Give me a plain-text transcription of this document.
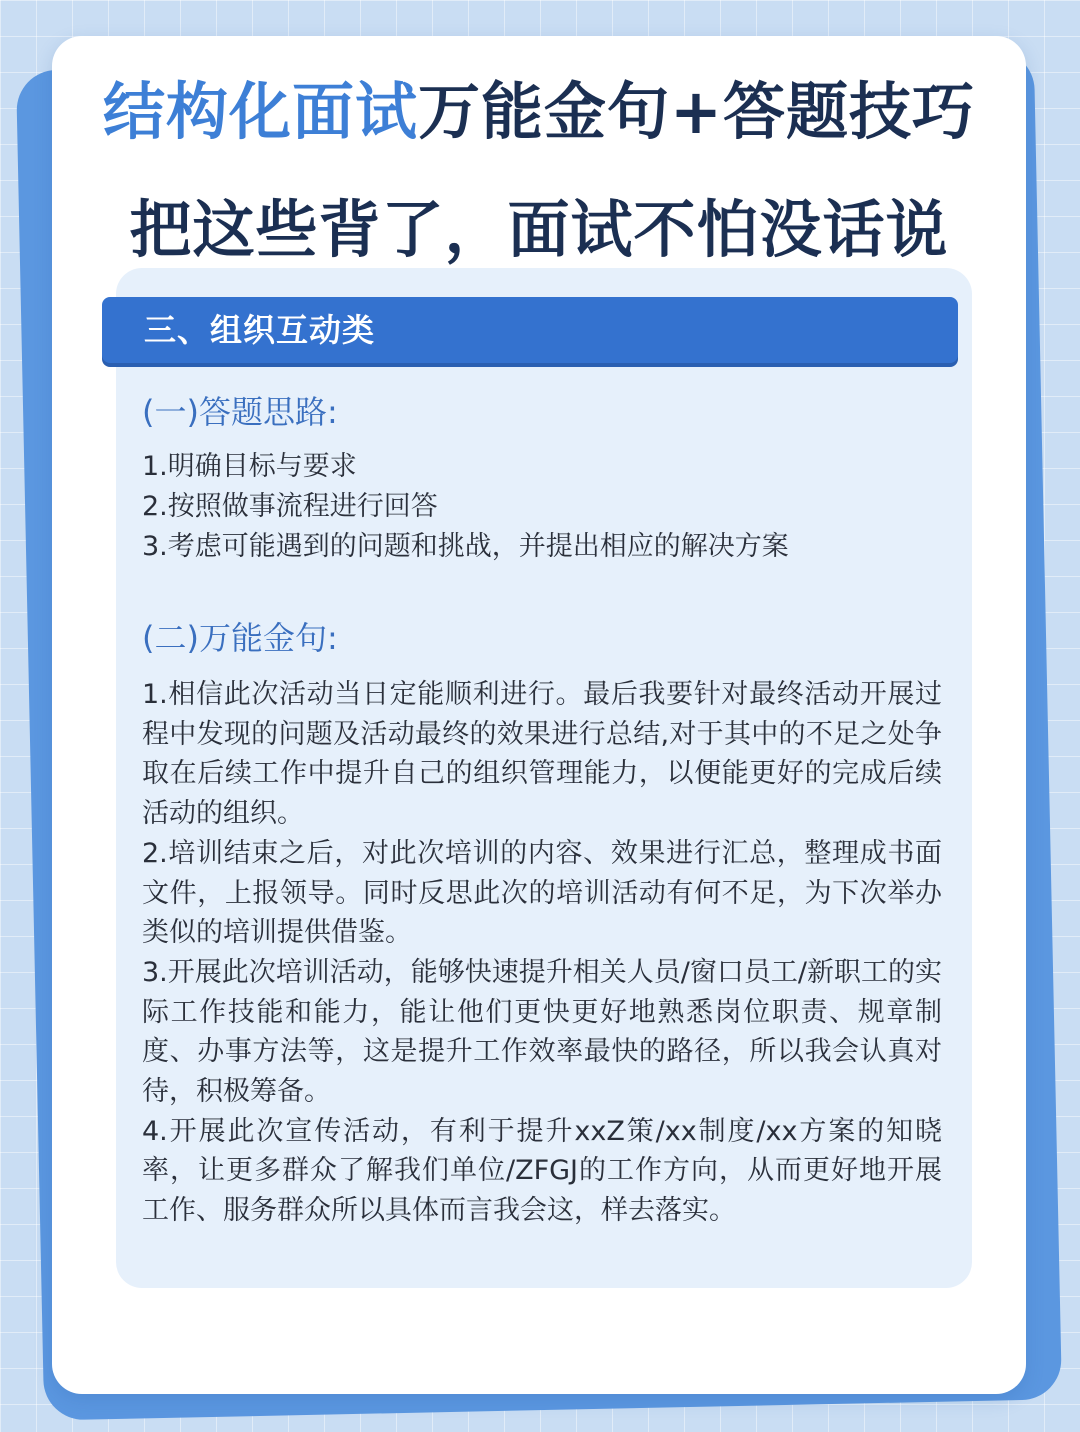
结构化面试万能金句+答题技巧
把这些背了，面试不怕没话说
三、组织互动类
(一)答题思路:
1.明确目标与要求
2.按照做事流程进行回答
3.考虑可能遇到的问题和挑战，并提出相应的解决方案
(二)万能金句:
1.相信此次活动当日定能顺利进行。最后我要针对最终活动开展过程中发现的问题及活动最终的效果进行总结,对于其中的不足之处争取在后续工作中提升自己的组织管理能力，以便能更好的完成后续活动的组织。
2.培训结束之后，对此次培训的内容、效果进行汇总，整理成书面文件，上报领导。同时反思此次的培训活动有何不足，为下次举办类似的培训提供借鉴。
3.开展此次培训活动，能够快速提升相关人员/窗口员工/新职工的实际工作技能和能力，能让他们更快更好地熟悉岗位职责、规章制度、办事方法等，这是提升工作效率最快的路径，所以我会认真对待，积极筹备。
4.开展此次宣传活动，有利于提升xxZ策/xx制度/xx方案的知晓率，让更多群众了解我们单位/ZFGJ的工作方向，从而更好地开展工作、服务群众所以具体而言我会这，样去落实。
